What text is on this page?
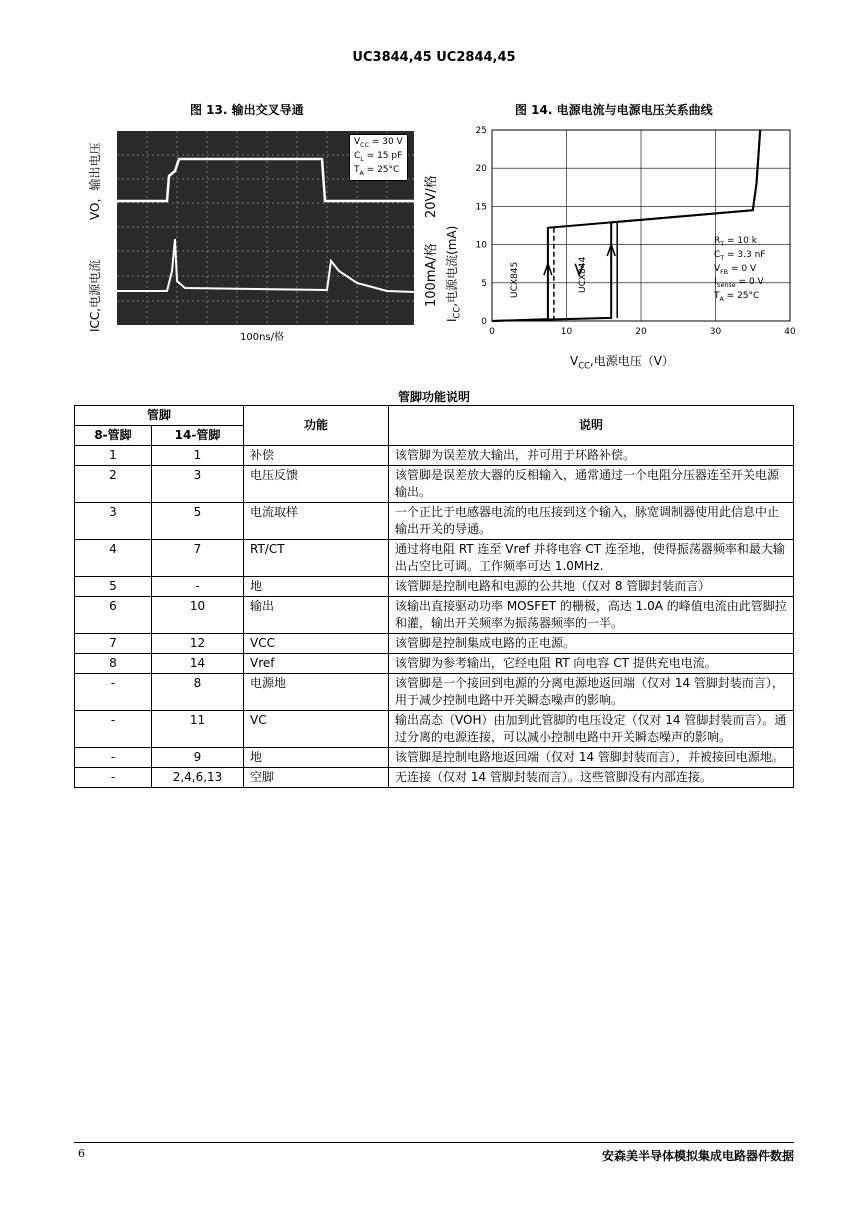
UC3844,45 UC2844,45
图 13. 输出交叉导通
VO，输出电压
ICC,电源电流
$V_{CC} = 30$ V
$C_L = 15$ pF
$T_A = 25^\circ C$
20V/格
100mA/格
100ns/格
图 14. 电源电流与电源电压关系曲线
$I_{CC}$,电源电流(mA)
$V_{CC}$,电源电压（V）
0	10	20	30	40
0
5
10
15
20
25
$R_T = 10$ k
$C_T = 3.3$ nF
$V_{FB} = 0$ V
$I_{Sense} = 0$ V
$T_A = 25^\circ C$
UCX845	UCX844
管脚功能说明
管脚		功能	说明
8-管脚	14-管脚		
1	1	补偿	该管脚为误差放大输出，并可用于环路补偿。
2	3	电压反馈	该管脚是误差放大器的反相输入，通常通过一个电阻分压器连至开关电源输出。
3	5	电流取样	一个正比于电感器电流的电压接到这个输入，脉宽调制器使用此信息中止输出开关的导通。
4	7	RT/CT	通过将电阻 RT 连至 Vref 并将电容 CT 连至地，使得振荡器频率和最大输出占空比可调。工作频率可达 1.0MHz.
5	-	地	该管脚是控制电路和电源的公共地（仅对 8 管脚封装而言）
6	10	输出	该输出直接驱动功率 MOSFET 的栅极，高达 1.0A 的峰值电流由此管脚拉和灌，输出开关频率为振荡器频率的一半。
7	12	VCC	该管脚是控制集成电路的正电源。
8	14	Vref	该管脚为参考输出，它经电阻 RT 向电容 CT 提供充电电流。
-	8	电源地	该管脚是一个接回到电源的分离电源地返回端（仅对 14 管脚封装而言），用于减少控制电路中开关瞬态噪声的影响。
-	11	VC	输出高态（VOH）由加到此管脚的电压设定（仅对 14 管脚封装而言）。通过分离的电源连接，可以减小控制电路中开关瞬态噪声的影响。
-	9	地	该管脚是控制电路地返回端（仅对 14 管脚封装而言），并被接回电源地。
-	2,4,6,13	空脚	无连接（仅对 14 管脚封装而言）。这些管脚没有内部连接。
6	安森美半导体模拟集成电路器件数据
